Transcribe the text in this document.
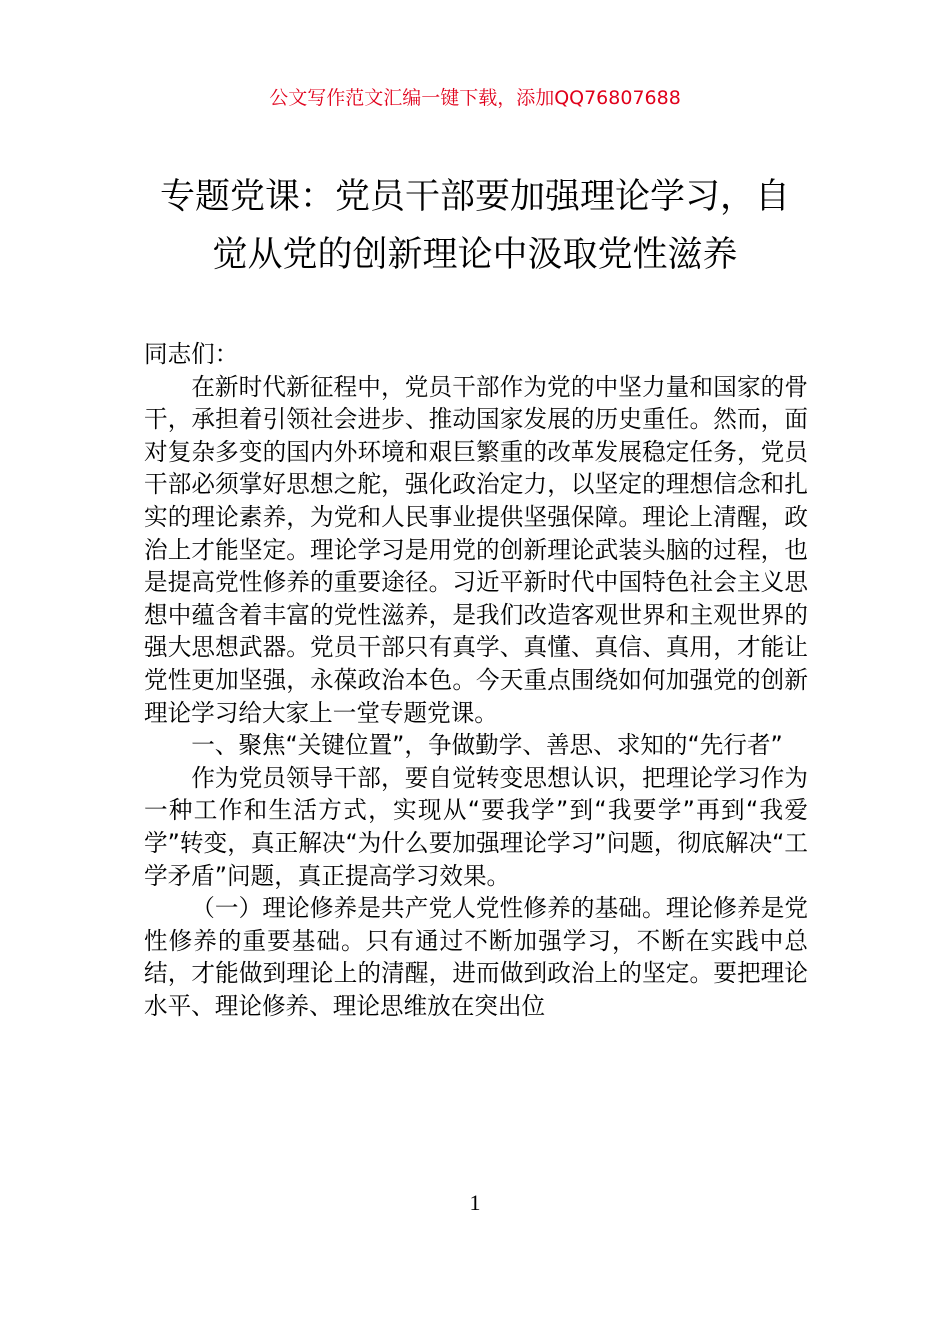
公文写作范文汇编一键下载，添加QQ76807688
专题党课：党员干部要加强理论学习，自
觉从党的创新理论中汲取党性滋养

同志们：

在新时代新征程中，党员干部作为党的中坚力量和国家的骨干，承担着引领社会进步、推动国家发展的历史重任。然而，面对复杂多变的国内外环境和艰巨繁重的改革发展稳定任务，党员干部必须掌好思想之舵，强化政治定力，以坚定的理想信念和扎实的理论素养，为党和人民事业提供坚强保障。理论上清醒，政治上才能坚定。理论学习是用党的创新理论武装头脑的过程，也是提高党性修养的重要途径。习近平新时代中国特色社会主义思想中蕴含着丰富的党性滋养，是我们改造客观世界和主观世界的强大思想武器。党员干部只有真学、真懂、真信、真用，才能让党性更加坚强，永葆政治本色。今天重点围绕如何加强党的创新理论学习给大家上一堂专题党课。

一、聚焦“关键位置”，争做勤学、善思、求知的“先行者”

作为党员领导干部，要自觉转变思想认识，把理论学习作为一种工作和生活方式，实现从“要我学”到“我要学”再到“我爱学”转变，真正解决“为什么要加强理论学习”问题，彻底解决“工学矛盾”问题，真正提高学习效果。

（一）理论修养是共产党人党性修养的基础。理论修养是党性修养的重要基础。只有通过不断加强学习，不断在实践中总结，才能做到理论上的清醒，进而做到政治上的坚定。要把理论水平、理论修养、理论思维放在突出位

1
